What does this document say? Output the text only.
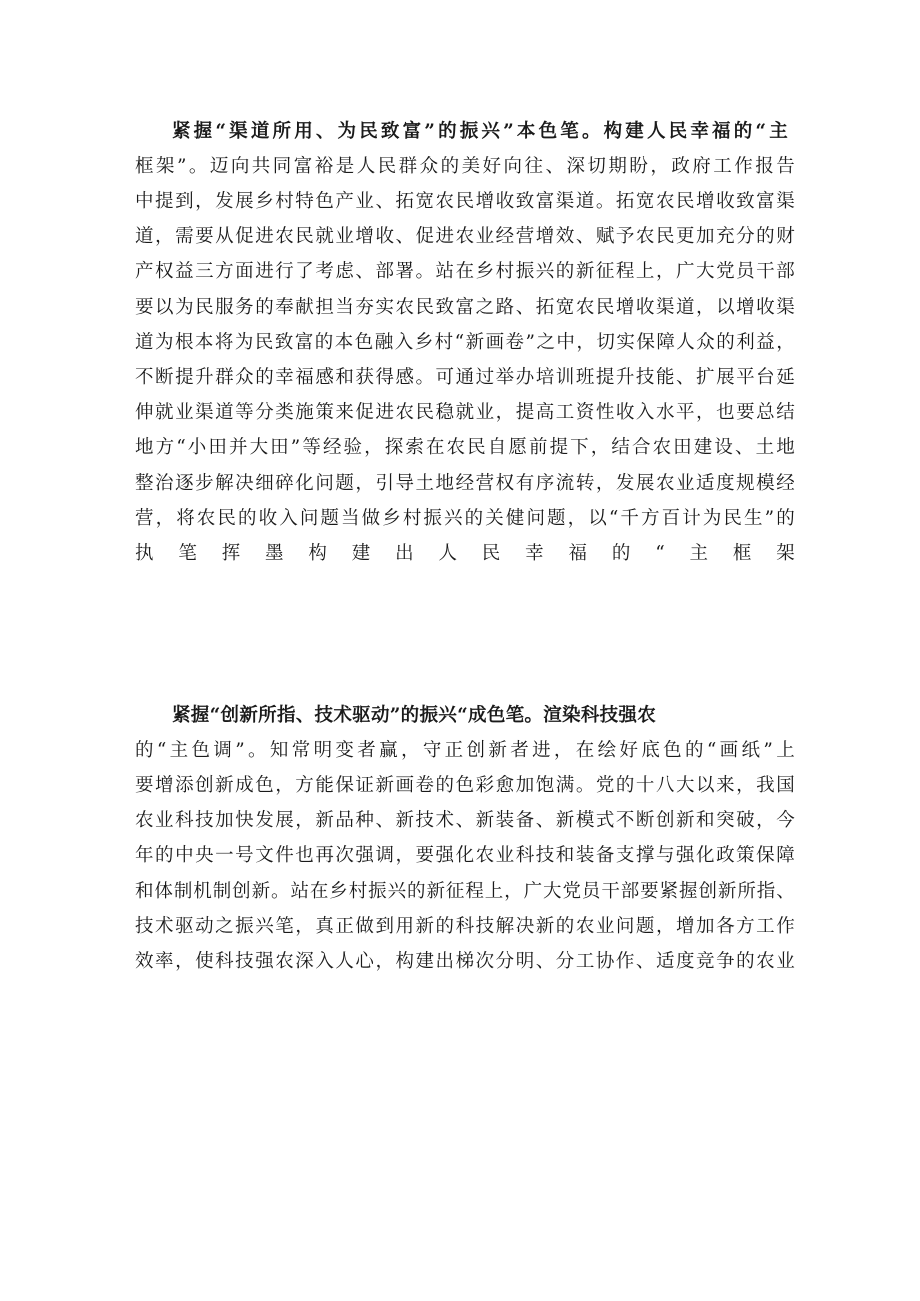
紧握“渠道所用、为民致富”的振兴”本色笔。构建人民幸福的“主
框架”。迈向共同富裕是人民群众的美好向往、深切期盼，政府工作报告
中提到，发展乡村特色产业、拓宽农民增收致富渠道。拓宽农民增收致富渠
道，需要从促进农民就业增收、促进农业经营增效、赋予农民更加充分的财
产权益三方面进行了考虑、部署。站在乡村振兴的新征程上，广大党员干部
要以为民服务的奉献担当夯实农民致富之路、拓宽农民增收渠道，以增收渠
道为根本将为民致富的本色融入乡村“新画卷”之中，切实保障人众的利益，
不断提升群众的幸福感和获得感。可通过举办培训班提升技能、扩展平台延
伸就业渠道等分类施策来促进农民稳就业，提高工资性收入水平，也要总结
地方“小田并大田”等经验，探索在农民自愿前提下，结合农田建设、土地
整治逐步解决细碎化问题，引导土地经营权有序流转，发展农业适度规模经
营，将农民的收入问题当做乡村振兴的关健问题，以“千方百计为民生”的
执笔挥墨构建出人民幸福的“主框架
紧握“创新所指、技术驱动”的振兴“成色笔。渲染科技强农
的“主色调”。知常明变者赢，守正创新者进，在绘好底色的“画纸”上
要增添创新成色，方能保证新画卷的色彩愈加饱满。党的十八大以来，我国
农业科技加快发展，新品种、新技术、新装备、新模式不断创新和突破，今
年的中央一号文件也再次强调，要强化农业科技和装备支撑与强化政策保障
和体制机制创新。站在乡村振兴的新征程上，广大党员干部要紧握创新所指、
技术驱动之振兴笔，真正做到用新的科技解决新的农业问题，增加各方工作
效率，使科技强农深入人心，构建出梯次分明、分工协作、适度竞争的农业
